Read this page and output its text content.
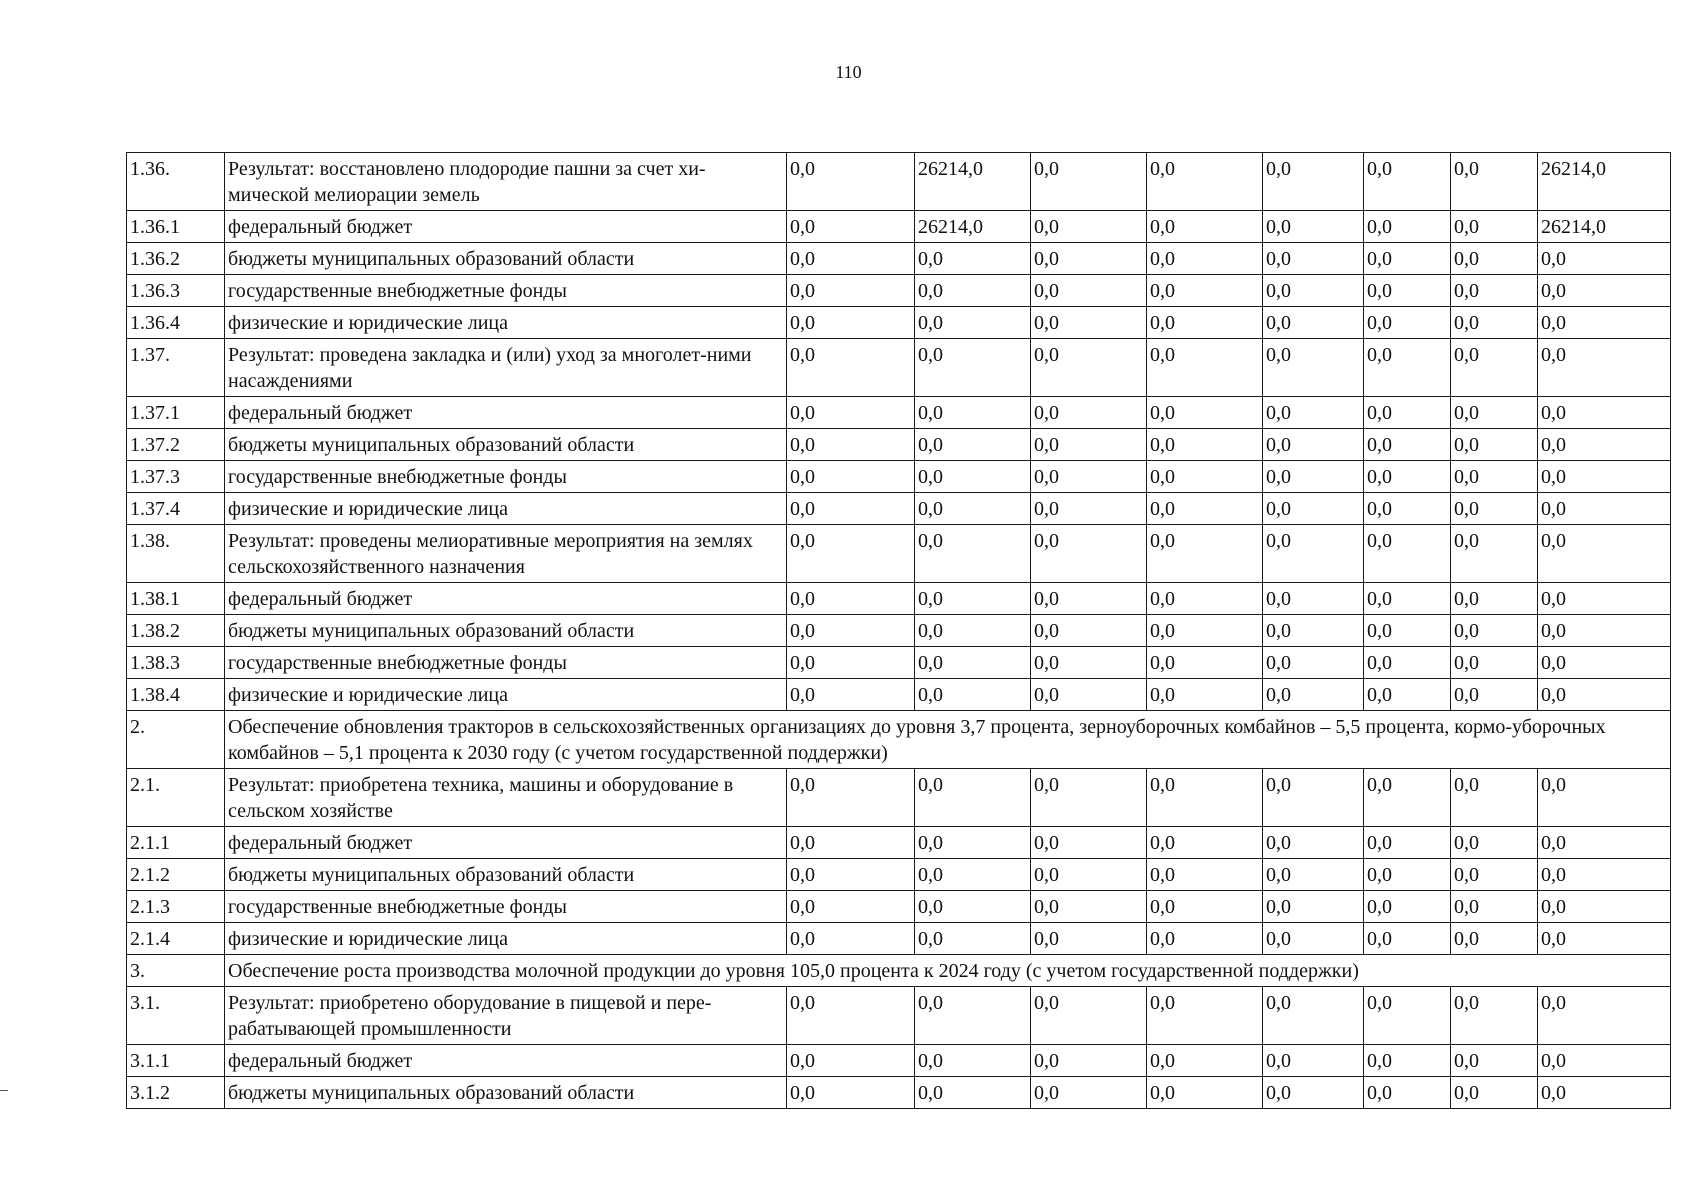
110
1.36.	Результат: восстановлено плодородие пашни за счет хи-мической мелиорации земель	0,0	26214,0	0,0	0,0	0,0	0,0	0,0	26214,0
1.36.1	федеральный бюджет	0,0	26214,0	0,0	0,0	0,0	0,0	0,0	26214,0
1.36.2	бюджеты муниципальных образований области	0,0	0,0	0,0	0,0	0,0	0,0	0,0	0,0
1.36.3	государственные внебюджетные фонды	0,0	0,0	0,0	0,0	0,0	0,0	0,0	0,0
1.36.4	физические и юридические лица	0,0	0,0	0,0	0,0	0,0	0,0	0,0	0,0
1.37.	Результат: проведена закладка и (или) уход за многолет-ними насаждениями	0,0	0,0	0,0	0,0	0,0	0,0	0,0	0,0
1.37.1	федеральный бюджет	0,0	0,0	0,0	0,0	0,0	0,0	0,0	0,0
1.37.2	бюджеты муниципальных образований области	0,0	0,0	0,0	0,0	0,0	0,0	0,0	0,0
1.37.3	государственные внебюджетные фонды	0,0	0,0	0,0	0,0	0,0	0,0	0,0	0,0
1.37.4	физические и юридические лица	0,0	0,0	0,0	0,0	0,0	0,0	0,0	0,0
1.38.	Результат: проведены мелиоративные мероприятия на землях сельскохозяйственного назначения	0,0	0,0	0,0	0,0	0,0	0,0	0,0	0,0
1.38.1	федеральный бюджет	0,0	0,0	0,0	0,0	0,0	0,0	0,0	0,0
1.38.2	бюджеты муниципальных образований области	0,0	0,0	0,0	0,0	0,0	0,0	0,0	0,0
1.38.3	государственные внебюджетные фонды	0,0	0,0	0,0	0,0	0,0	0,0	0,0	0,0
1.38.4	физические и юридические лица	0,0	0,0	0,0	0,0	0,0	0,0	0,0	0,0
2.	Обеспечение обновления тракторов в сельскохозяйственных организациях до уровня 3,7 процента, зерноуборочных комбайнов – 5,5 процента, кормо-уборочных комбайнов – 5,1 процента к 2030 году (с учетом государственной поддержки)								
2.1.	Результат: приобретена техника, машины и оборудование в сельском хозяйстве	0,0	0,0	0,0	0,0	0,0	0,0	0,0	0,0
2.1.1	федеральный бюджет	0,0	0,0	0,0	0,0	0,0	0,0	0,0	0,0
2.1.2	бюджеты муниципальных образований области	0,0	0,0	0,0	0,0	0,0	0,0	0,0	0,0
2.1.3	государственные внебюджетные фонды	0,0	0,0	0,0	0,0	0,0	0,0	0,0	0,0
2.1.4	физические и юридические лица	0,0	0,0	0,0	0,0	0,0	0,0	0,0	0,0
3.	Обеспечение роста производства молочной продукции до уровня 105,0 процента к 2024 году (с учетом государственной поддержки)								
3.1.	Результат: приобретено оборудование в пищевой и пере-рабатывающей промышленности	0,0	0,0	0,0	0,0	0,0	0,0	0,0	0,0
3.1.1	федеральный бюджет	0,0	0,0	0,0	0,0	0,0	0,0	0,0	0,0
3.1.2	бюджеты муниципальных образований области	0,0	0,0	0,0	0,0	0,0	0,0	0,0	0,0
